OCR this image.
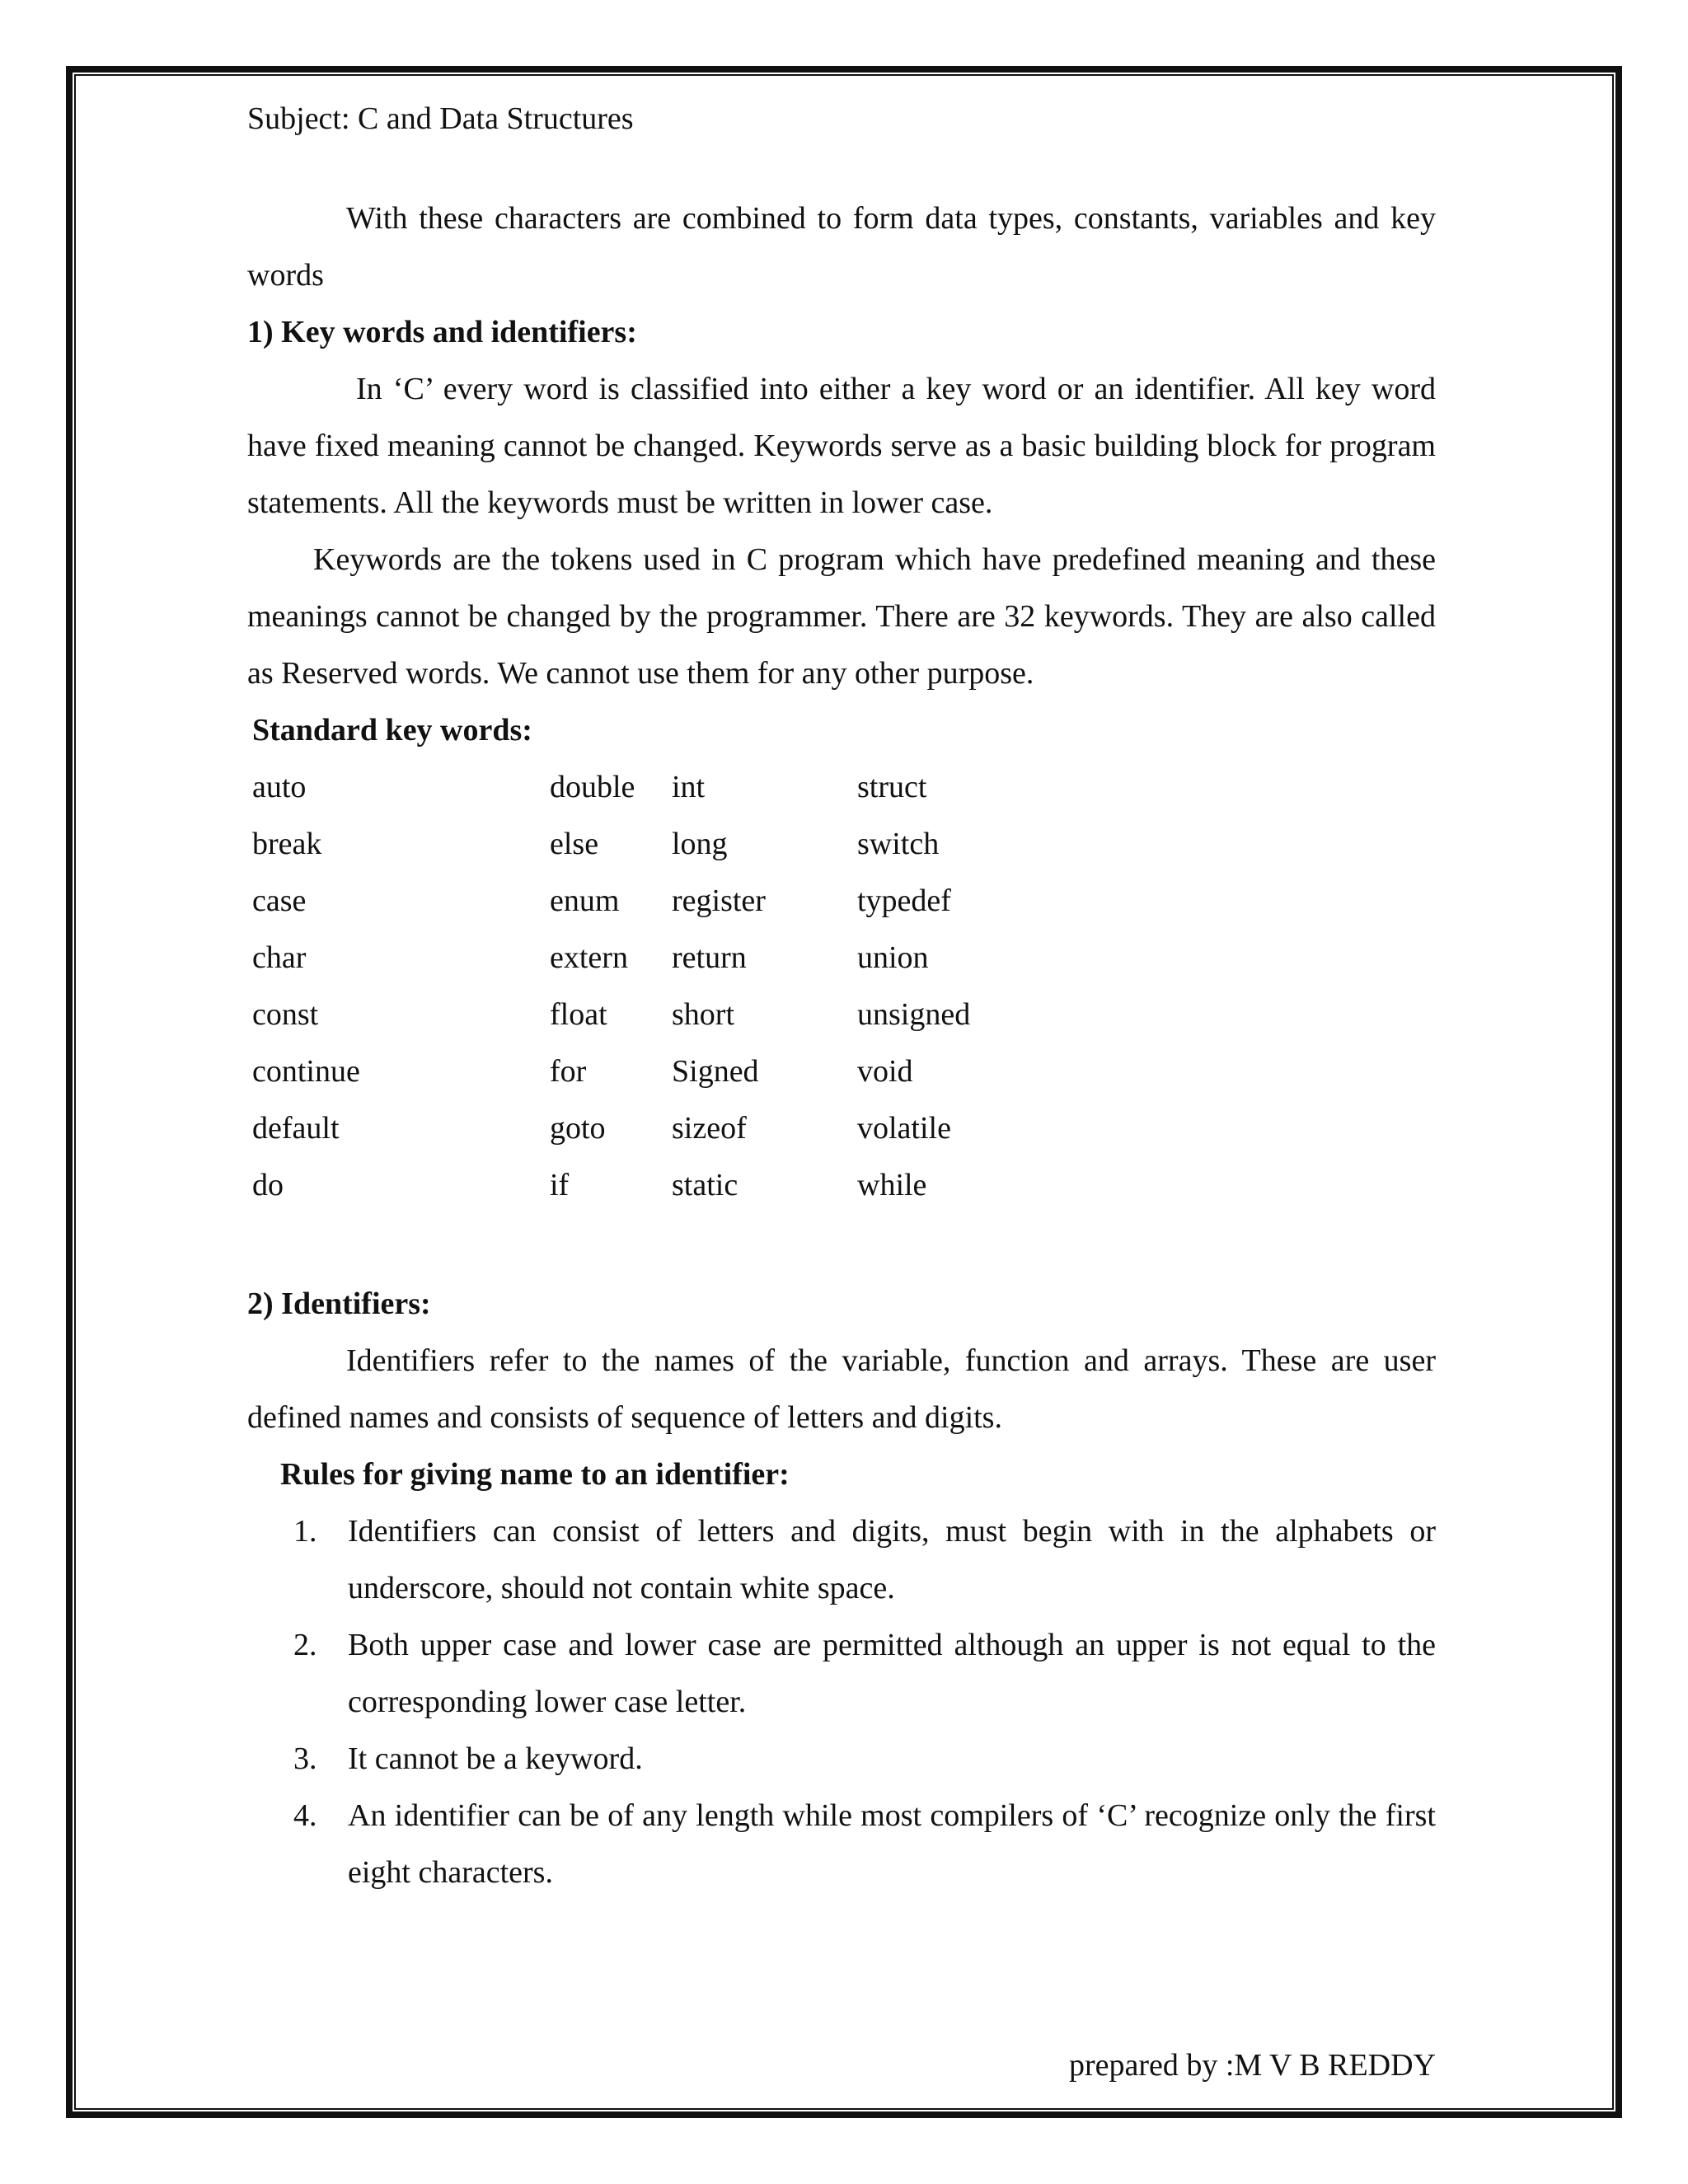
Subject: C and Data Structures
With these characters are combined to form data types, constants, variables and key words
1) Key words and identifiers:
In ‘C’ every word is classified into either a key word or an identifier. All key word have fixed meaning cannot be changed. Keywords serve as a basic building block for program statements. All the keywords must be written in lower case.
Keywords are the tokens used in C program which have predefined meaning and these meanings cannot be changed by the programmer. There are 32 keywords. They are also called as Reserved words. We cannot use them for any other purpose.
Standard key words:
auto	double	int	struct
break	else	long	switch
case	enum	register	typedef
char	extern	return	union
const	float	short	unsigned
continue	for	Signed	void
default	goto	sizeof	volatile
do	if	static	while
2) Identifiers:
Identifiers refer to the names of the variable, function and arrays. These are user defined names and consists of sequence of letters and digits.
Rules for giving name to an identifier:
1. Identifiers can consist of letters and digits, must begin with in the alphabets or underscore, should not contain white space.
2. Both upper case and lower case are permitted although an upper is not equal to the corresponding lower case letter.
3. It cannot be a keyword.
4. An identifier can be of any length while most compilers of ‘C’ recognize only the first eight characters.
prepared by :M V B REDDY
